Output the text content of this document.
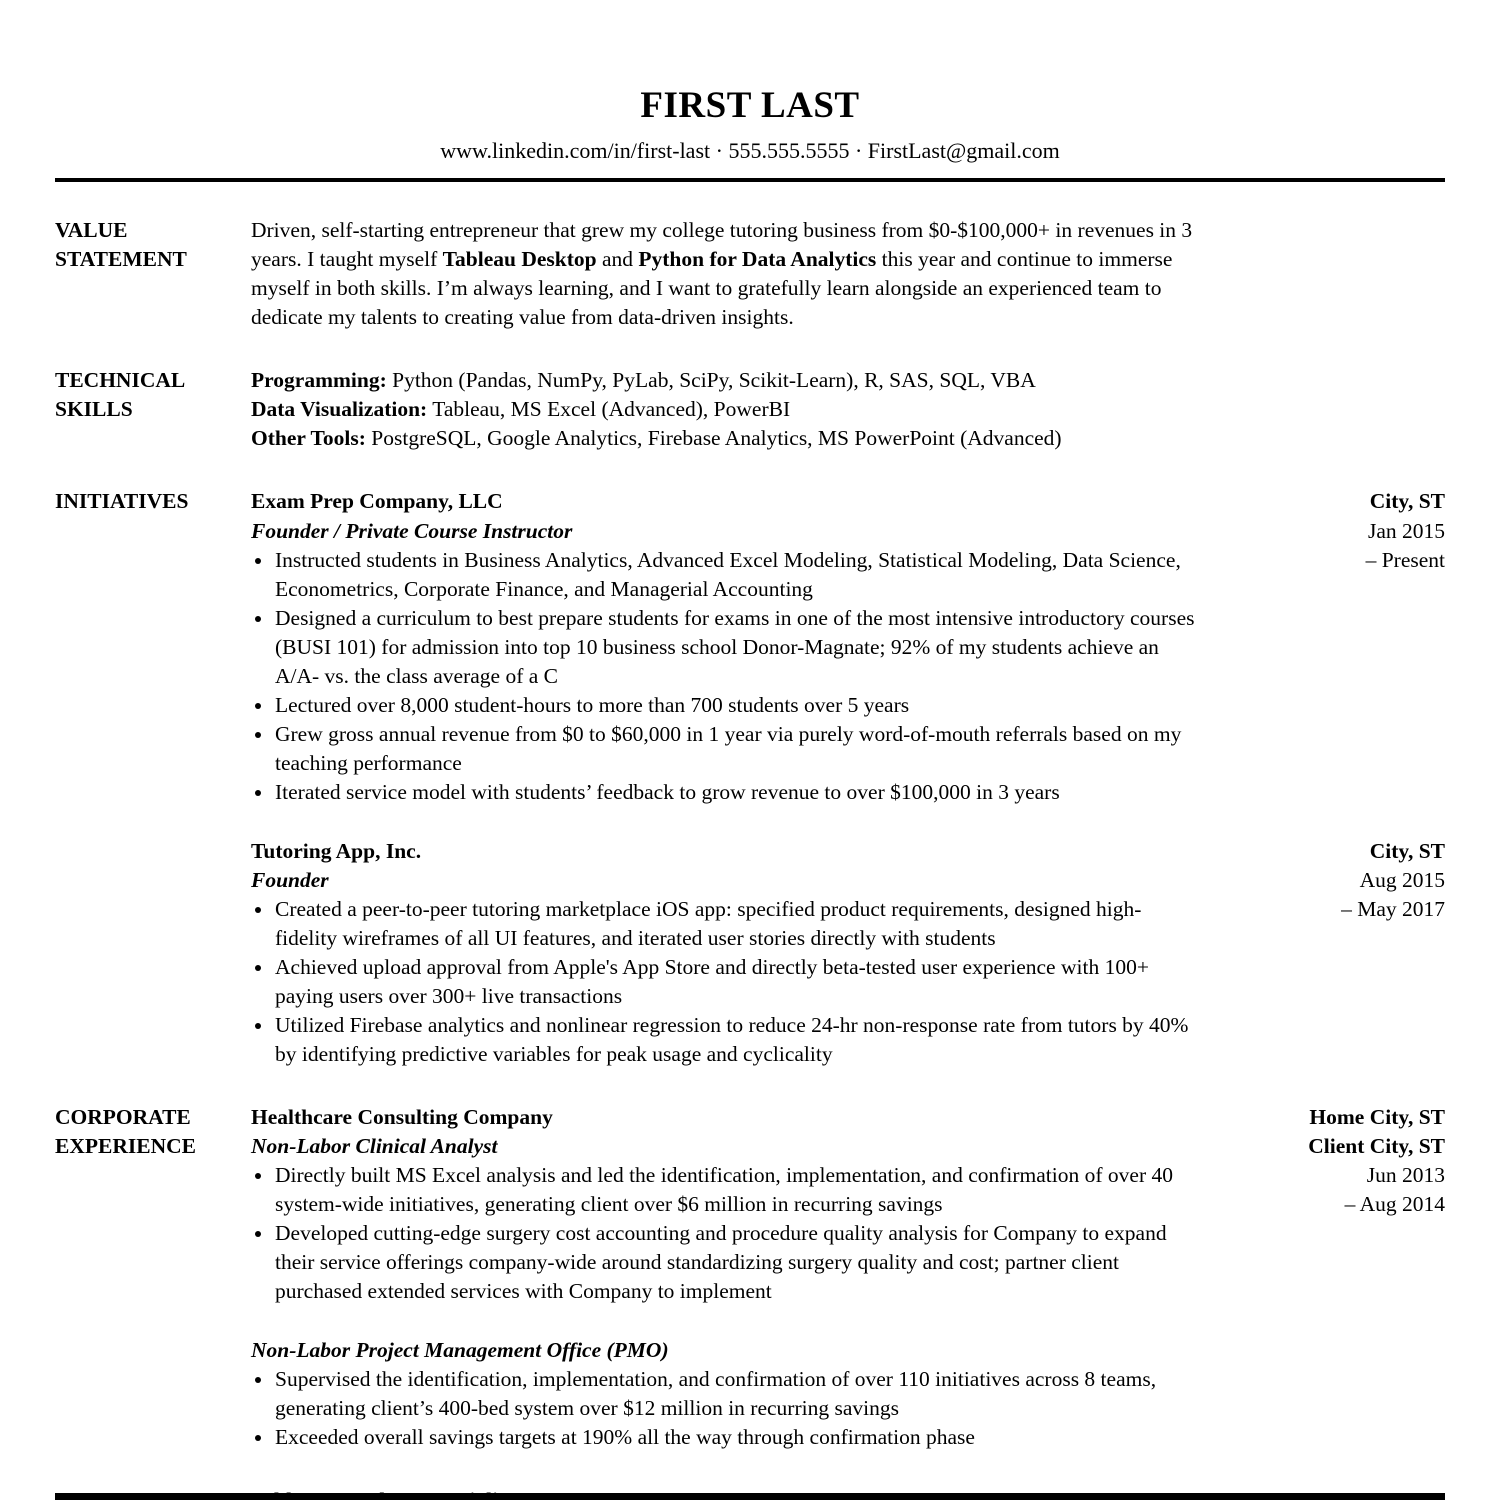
FIRST LAST
www.linkedin.com/in/first-last · 555.555.5555 · FirstLast@gmail.com
VALUE
STATEMENT
Driven, self-starting entrepreneur that grew my college tutoring business from $0-$100,000+ in revenues in 3 years. I taught myself Tableau Desktop and Python for Data Analytics this year and continue to immerse myself in both skills. I’m always learning, and I want to gratefully learn alongside an experienced team to dedicate my talents to creating value from data-driven insights.
TECHNICAL
SKILLS
Programming: Python (Pandas, NumPy, PyLab, SciPy, Scikit-Learn), R, SAS, SQL, VBA
Data Visualization: Tableau, MS Excel (Advanced), PowerBI
Other Tools: PostgreSQL, Google Analytics, Firebase Analytics, MS PowerPoint (Advanced)
INITIATIVES	Exam Prep Company, LLC
Founder / Private Course Instructor
• Instructed students in Business Analytics, Advanced Excel Modeling, Statistical Modeling, Data Science, Econometrics, Corporate Finance, and Managerial Accounting
• Designed a curriculum to best prepare students for exams in one of the most intensive introductory courses (BUSI 101) for admission into top 10 business school Donor-Magnate; 92% of my students achieve an A/A- vs. the class average of a C
• Lectured over 8,000 student-hours to more than 700 students over 5 years
• Grew gross annual revenue from $0 to $60,000 in 1 year via purely word-of-mouth referrals based on my teaching performance
• Iterated service model with students’ feedback to grow revenue to over $100,000 in 3 years
City, ST
Jan 2015
– Present
Tutoring App, Inc.
Founder
• Created a peer-to-peer tutoring marketplace iOS app: specified product requirements, designed high-fidelity wireframes of all UI features, and iterated user stories directly with students
• Achieved upload approval from Apple's App Store and directly beta-tested user experience with 100+ paying users over 300+ live transactions
• Utilized Firebase analytics and nonlinear regression to reduce 24-hr non-response rate from tutors by 40% by identifying predictive variables for peak usage and cyclicality
City, ST
Aug 2015
– May 2017
CORPORATE
EXPERIENCE
Healthcare Consulting Company
Non-Labor Clinical Analyst
• Directly built MS Excel analysis and led the identification, implementation, and confirmation of over 40 system-wide initiatives, generating client over $6 million in recurring savings
• Developed cutting-edge surgery cost accounting and procedure quality analysis for Company to expand their service offerings company-wide around standardizing surgery quality and cost; partner client purchased extended services with Company to implement
Home City, ST
Client City, ST
Jun 2013
– Aug 2014
Non-Labor Project Management Office (PMO)
• Supervised the identification, implementation, and confirmation of over 110 initiatives across 8 teams, generating client’s 400-bed system over $12 million in recurring savings
• Exceeded overall savings targets at 190% all the way through confirmation phase
